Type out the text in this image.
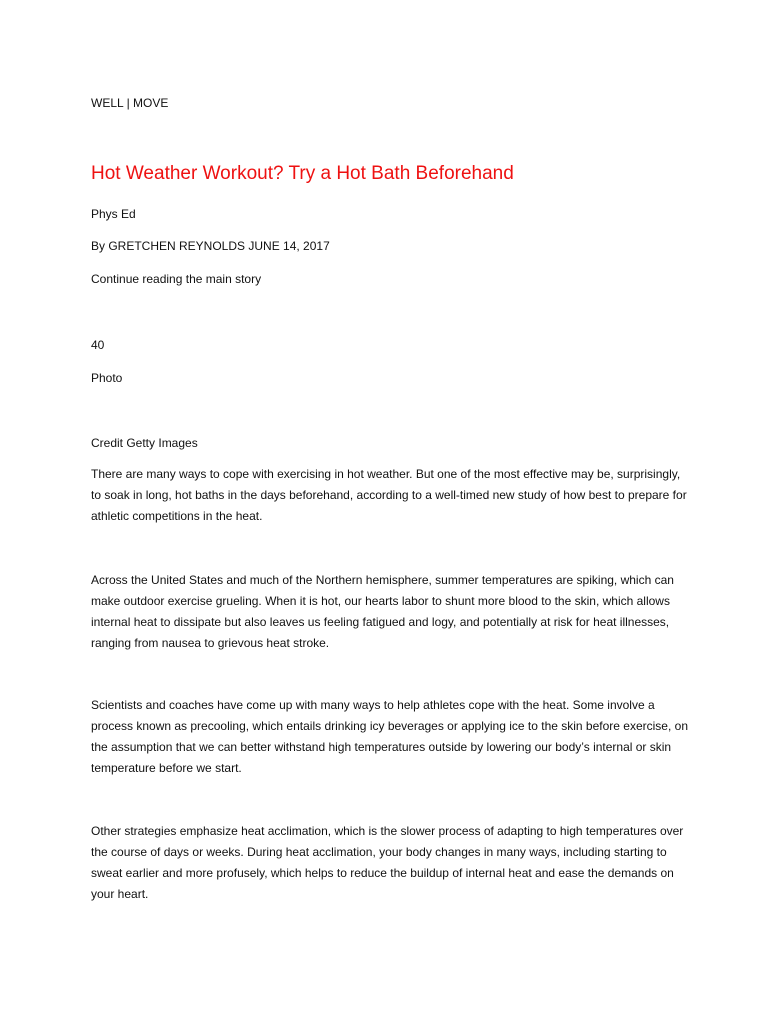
WELL | MOVE
Hot Weather Workout? Try a Hot Bath Beforehand
Phys Ed
By GRETCHEN REYNOLDS JUNE 14, 2017
Continue reading the main story
40
Photo
Credit Getty Images

There are many ways to cope with exercising in hot weather. But one of the most effective may be, surprisingly, to soak in long, hot baths in the days beforehand, according to a well-timed new study of how best to prepare for athletic competitions in the heat.

Across the United States and much of the Northern hemisphere, summer temperatures are spiking, which can make outdoor exercise grueling. When it is hot, our hearts labor to shunt more blood to the skin, which allows internal heat to dissipate but also leaves us feeling fatigued and logy, and potentially at risk for heat illnesses, ranging from nausea to grievous heat stroke.

Scientists and coaches have come up with many ways to help athletes cope with the heat. Some involve a process known as precooling, which entails drinking icy beverages or applying ice to the skin before exercise, on the assumption that we can better withstand high temperatures outside by lowering our body’s internal or skin temperature before we start.

Other strategies emphasize heat acclimation, which is the slower process of adapting to high temperatures over the course of days or weeks. During heat acclimation, your body changes in many ways, including starting to sweat earlier and more profusely, which helps to reduce the buildup of internal heat and ease the demands on your heart.
